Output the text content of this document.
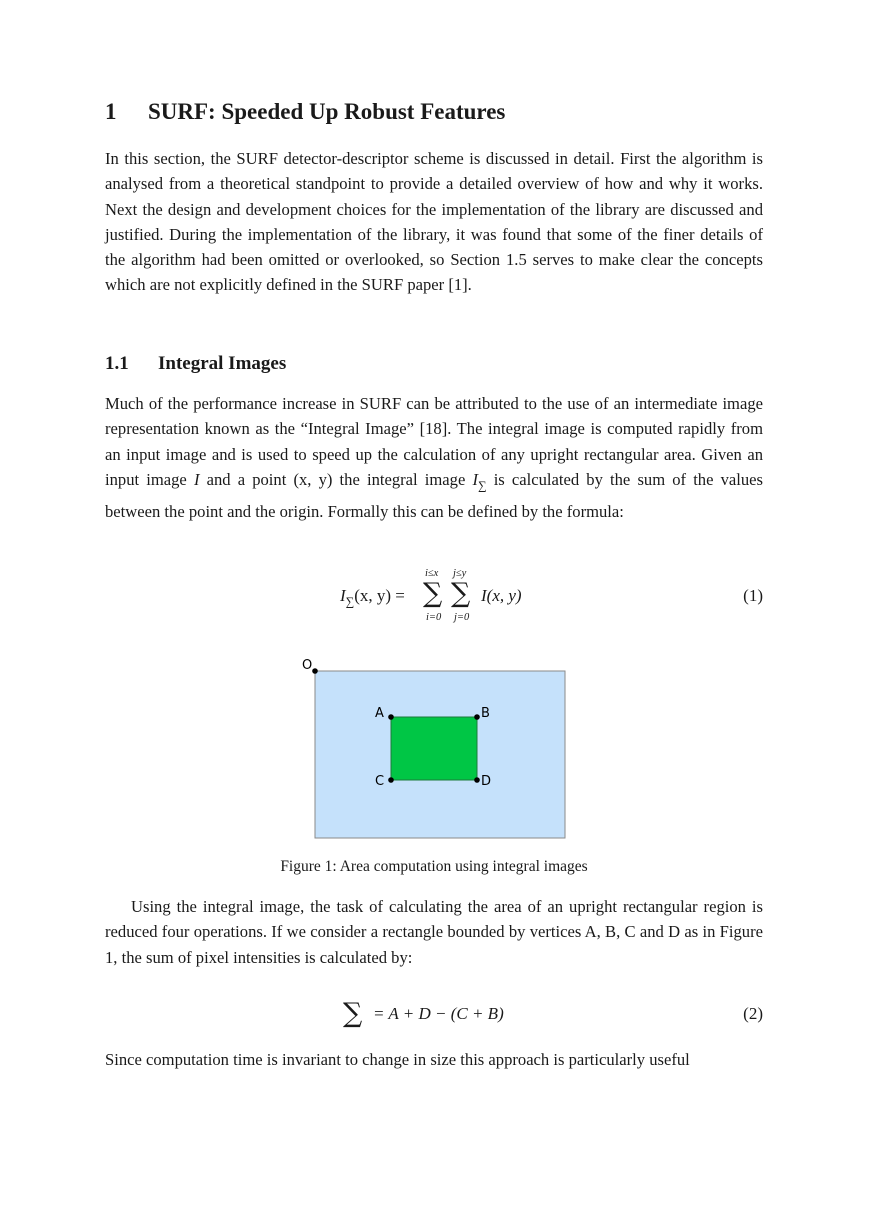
1 SURF: Speeded Up Robust Features

In this section, the SURF detector-descriptor scheme is discussed in detail. First the algorithm is analysed from a theoretical standpoint to provide a detailed overview of how and why it works. Next the design and development choices for the implementation of the library are discussed and justified. During the implementation of the library, it was found that some of the finer details of the algorithm had been omitted or overlooked, so Section 1.5 serves to make clear the concepts which are not explicitly defined in the SURF paper [1].

1.1 Integral Images

Much of the performance increase in SURF can be attributed to the use of an intermediate image representation known as the “Integral Image” [18]. The integral image is computed rapidly from an input image and is used to speed up the calculation of any upright rectangular area. Given an input image I and a point (x, y) the integral image $I_\sum$ is calculated by the sum of the values between the point and the origin. Formally this can be defined by the formula:

$I_\sum(x$, y) =
i≤x
∑
i=0
j≤y
∑
j=0
I(x, y)	(1)
O
A	B
C	D
Figure 1: Area computation using integral images

Using the integral image, the task of calculating the area of an upright rectangular region is reduced four operations. If we consider a rectangle bounded by vertices A, B, C and D as in Figure 1, the sum of pixel intensities is calculated by:

∑ = A + D − (C + B)	(2)

Since computation time is invariant to change in size this approach is particularly useful
